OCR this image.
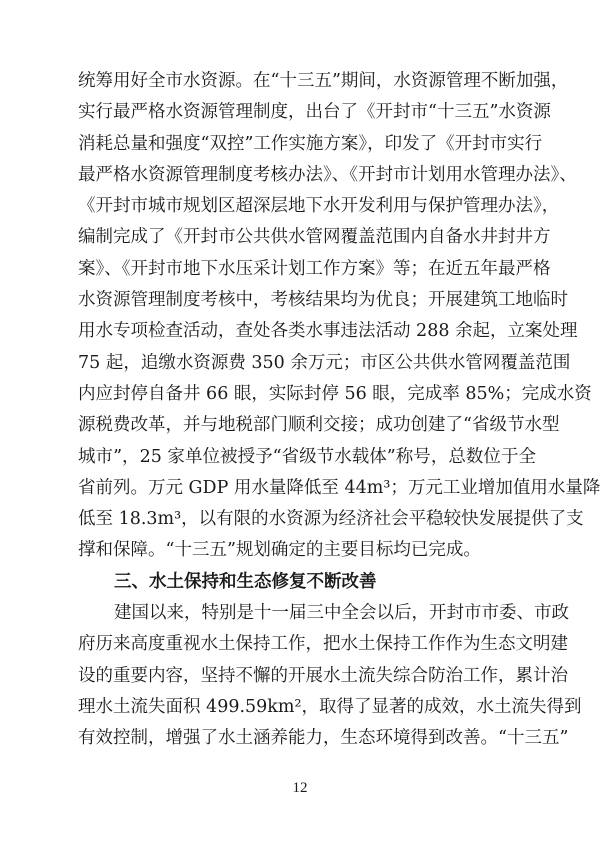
统筹用好全市水资源。在“十三五”期间，水资源管理不断加强，
实行最严格水资源管理制度，出台了《开封市“十三五”水资源
消耗总量和强度“双控”工作实施方案》，印发了《开封市实行
最严格水资源管理制度考核办法》、《开封市计划用水管理办法》、
《开封市城市规划区超深层地下水开发利用与保护管理办法》，
编制完成了《开封市公共供水管网覆盖范围内自备水井封井方
案》、《开封市地下水压采计划工作方案》等；在近五年最严格
水资源管理制度考核中，考核结果均为优良；开展建筑工地临时
用水专项检查活动，查处各类水事违法活动 288 余起，立案处理
75 起，追缴水资源费 350 余万元；市区公共供水管网覆盖范围
内应封停自备井 66 眼，实际封停 56 眼，完成率 85%；完成水资
源税费改革，并与地税部门顺利交接；成功创建了“省级节水型
城市”，25 家单位被授予“省级节水载体”称号，总数位于全
省前列。万元 GDP 用水量降低至 44m³；万元工业增加值用水量降
低至 18.3m³，以有限的水资源为经济社会平稳较快发展提供了支
撑和保障。“十三五”规划确定的主要目标均已完成。
三、水土保持和生态修复不断改善
建国以来，特别是十一届三中全会以后，开封市市委、市政
府历来高度重视水土保持工作，把水土保持工作作为生态文明建
设的重要内容，坚持不懈的开展水土流失综合防治工作，累计治
理水土流失面积 499.59km²，取得了显著的成效，水土流失得到
有效控制，增强了水土涵养能力，生态环境得到改善。“十三五”
12
